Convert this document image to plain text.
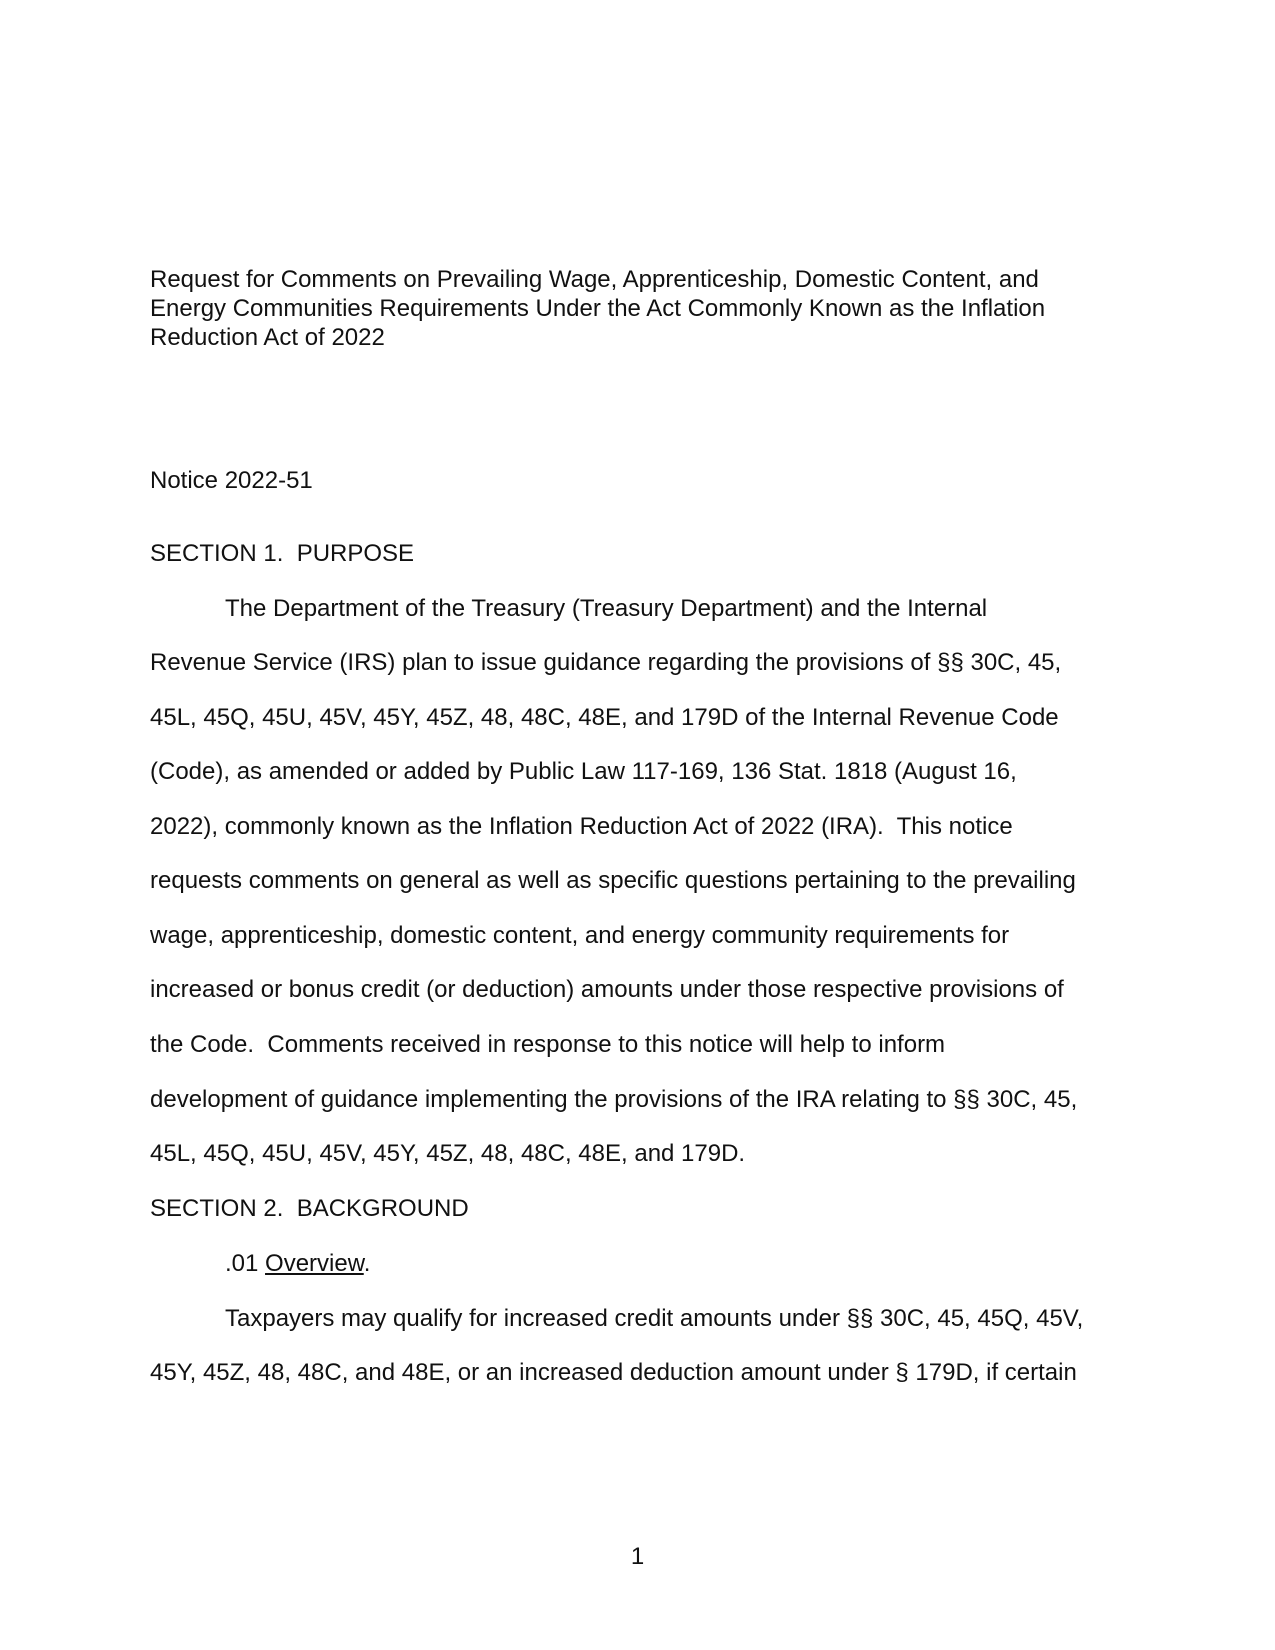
Request for Comments on Prevailing Wage, Apprenticeship, Domestic Content, and
Energy Communities Requirements Under the Act Commonly Known as the Inflation
Reduction Act of 2022

Notice 2022-51

SECTION 1.  PURPOSE

The Department of the Treasury (Treasury Department) and the Internal

Revenue Service (IRS) plan to issue guidance regarding the provisions of §§ 30C, 45,

45L, 45Q, 45U, 45V, 45Y, 45Z, 48, 48C, 48E, and 179D of the Internal Revenue Code

(Code), as amended or added by Public Law 117-169, 136 Stat. 1818 (August 16,

2022), commonly known as the Inflation Reduction Act of 2022 (IRA).  This notice

requests comments on general as well as specific questions pertaining to the prevailing

wage, apprenticeship, domestic content, and energy community requirements for

increased or bonus credit (or deduction) amounts under those respective provisions of

the Code.  Comments received in response to this notice will help to inform

development of guidance implementing the provisions of the IRA relating to §§ 30C, 45,

45L, 45Q, 45U, 45V, 45Y, 45Z, 48, 48C, 48E, and 179D.

SECTION 2.  BACKGROUND

.01 Overview.

Taxpayers may qualify for increased credit amounts under §§ 30C, 45, 45Q, 45V,

45Y, 45Z, 48, 48C, and 48E, or an increased deduction amount under § 179D, if certain

1
